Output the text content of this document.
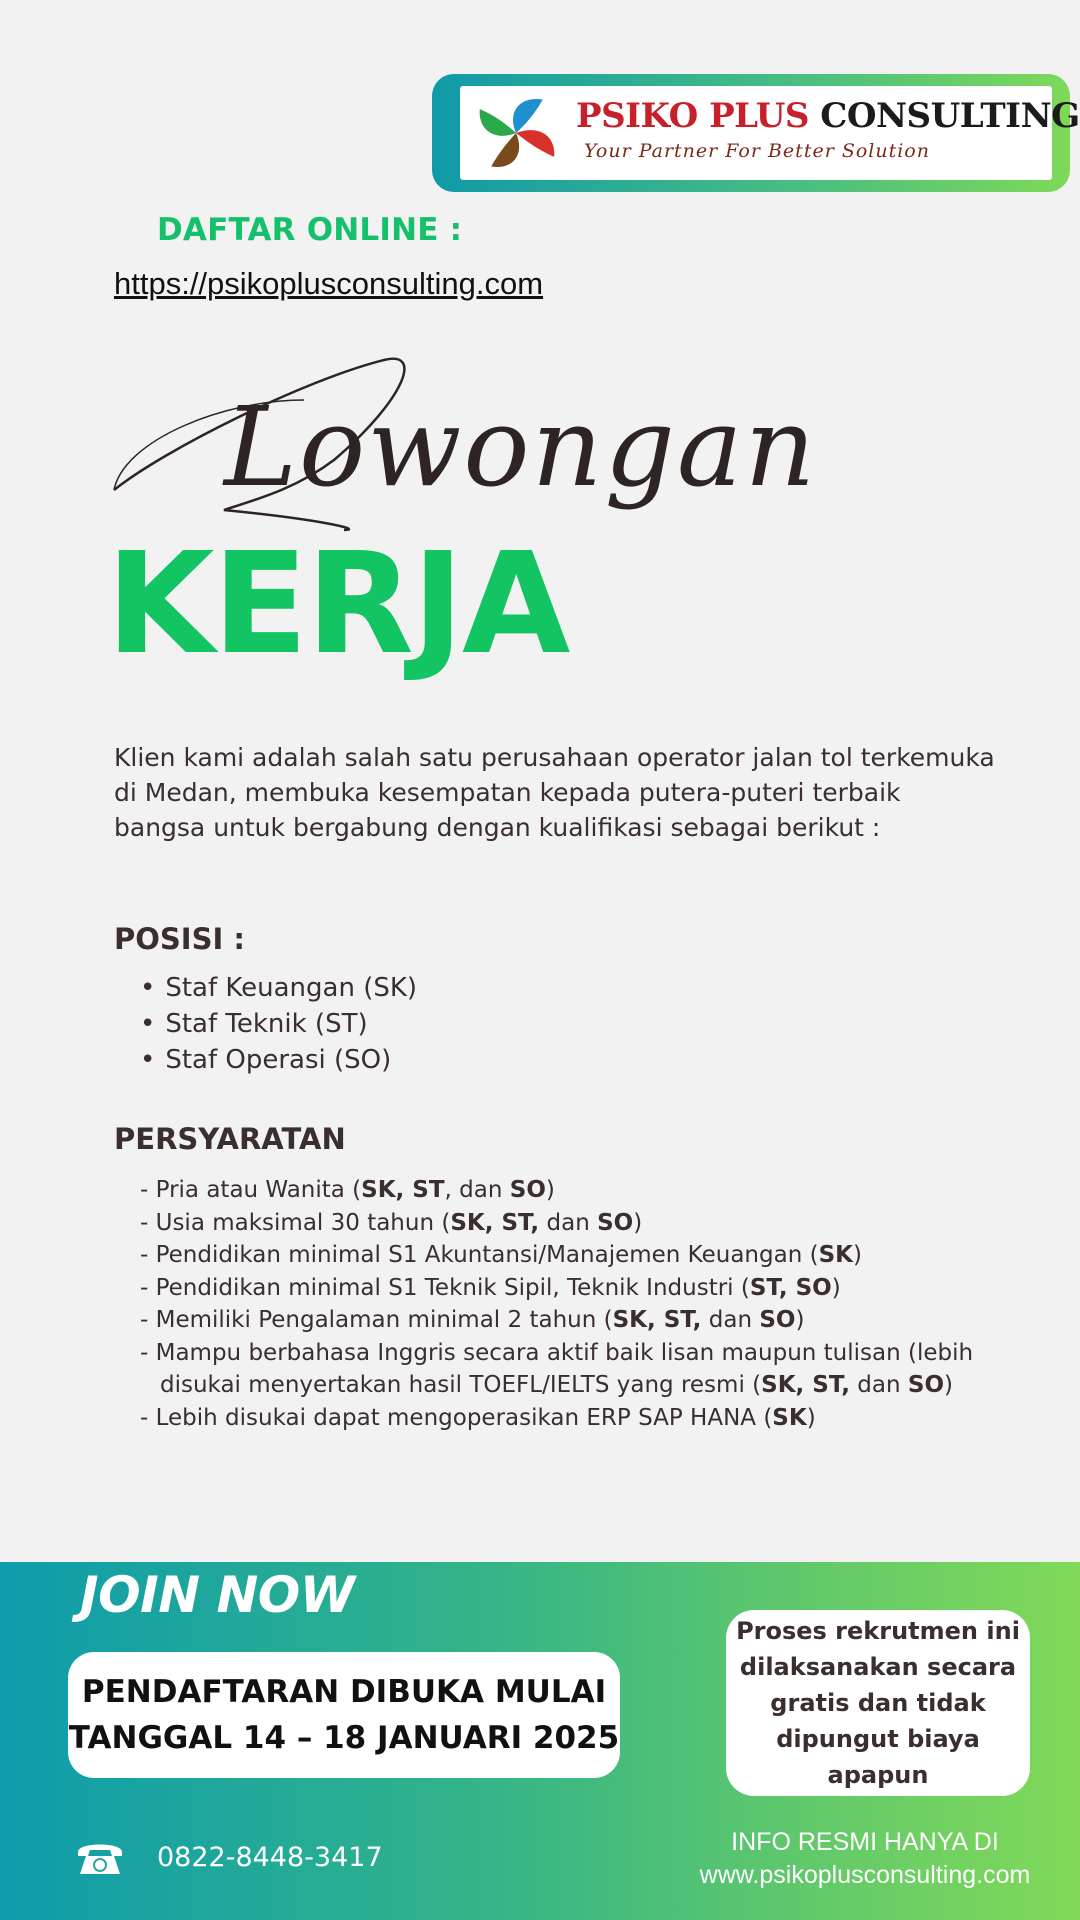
PSIKO PLUS CONSULTING
Your Partner For Better Solution
DAFTAR ONLINE :
https://psikoplusconsulting.com
Lowongan
KERJA
Klien kami adalah salah satu perusahaan operator jalan tol terkemuka
di Medan, membuka kesempatan kepada putera-puteri terbaik
bangsa untuk bergabung dengan kualifikasi sebagai berikut :
POSISI :
• Staf Keuangan (SK)
• Staf Teknik (ST)
• Staf Operasi (SO)
PERSYARATAN
- Pria atau Wanita (SK, ST, dan SO)
- Usia maksimal 30 tahun (SK, ST, dan SO)
- Pendidikan minimal S1 Akuntansi/Manajemen Keuangan (SK)
- Pendidikan minimal S1 Teknik Sipil, Teknik Industri (ST, SO)
- Memiliki Pengalaman minimal 2 tahun (SK, ST, dan SO)
- Mampu berbahasa Inggris secara aktif baik lisan maupun tulisan (lebih disukai menyertakan hasil TOEFL/IELTS yang resmi (SK, ST, dan SO)
- Lebih disukai dapat mengoperasikan ERP SAP HANA (SK)
JOIN NOW
PENDAFTARAN DIBUKA MULAI
TANGGAL 14 – 18 JANUARI 2025
Proses rekrutmen ini dilaksanakan secara gratis dan tidak dipungut biaya apapun
0822-8448-3417	INFO RESMI HANYA DI
www.psikoplusconsulting.com
